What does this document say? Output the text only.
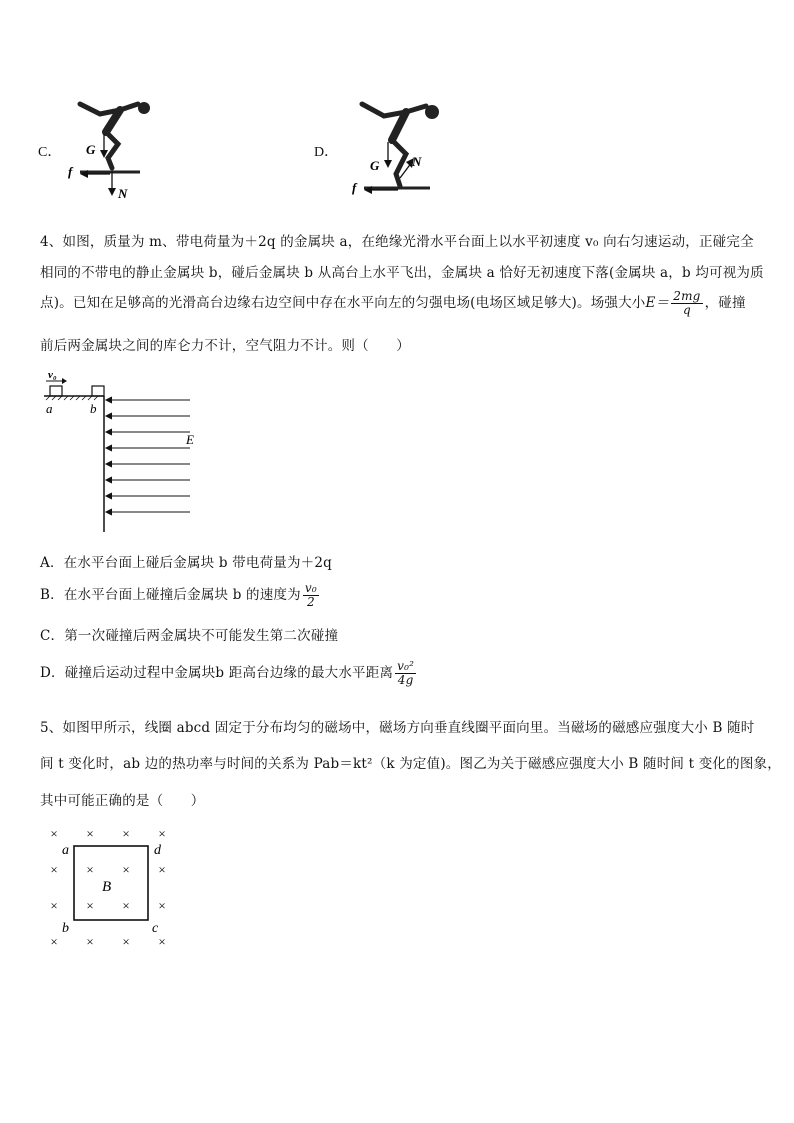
C． G
N
f
D．
G	N
f
4、如图，质量为 m、带电荷量为＋2q 的金属块 a，在绝缘光滑水平台面上以水平初速度 v₀ 向右匀速运动，正碰完全
相同的不带电的静止金属块 b，碰后金属块 b 从高台上水平飞出，金属块 a 恰好无初速度下落(金属块 a，b 均可视为质
点)。已知在足够高的光滑高台边缘右边空间中存在水平向左的匀强电场(电场区域足够大)。场强大小$E= \frac{2mg}{q}$ ，碰撞
前后两金属块之间的库仑力不计，空气阻力不计。则（　　）
v₀
a	b
E
A．在水平台面上碰后金属块 b 带电荷量为＋2q
B．在水平台面上碰撞后金属块 b 的速度为 $\frac{\text{v₀}}{2}$
C．第一次碰撞后两金属块不可能发生第二次碰撞
D．碰撞后运动过程中金属块b 距高台边缘的最大水平距离 $\frac{\text{v₀²}}{4g}$
5、如图甲所示，线圈 abcd 固定于分布均匀的磁场中，磁场方向垂直线圈平面向里。当磁场的磁感应强度大小 B 随时
间 t 变化时，ab 边的热功率与时间的关系为 Pab＝kt²（k 为定值)。图乙为关于磁感应强度大小 B 随时间 t 变化的图象，
其中可能正确的是（　　）
× × × ×
×	×
× ×
× × × ×
× × × ×
a	d
b	c
B
